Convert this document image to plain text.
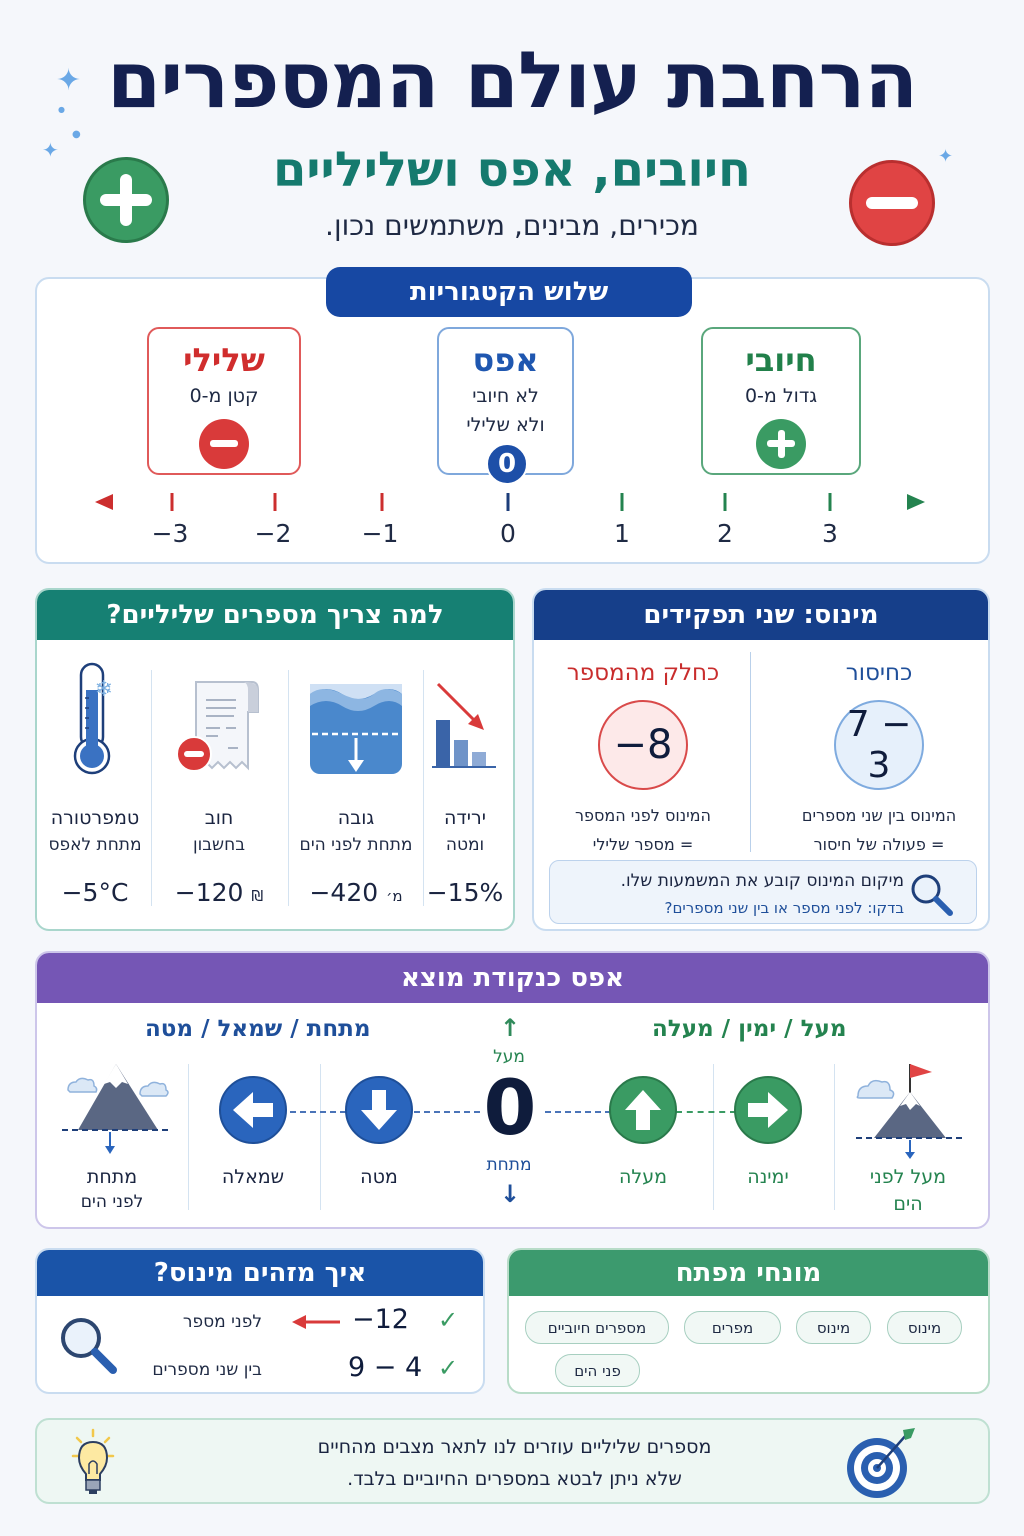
✦
●
●
✦	✦
הרחבת עולם המספרים
חיובים, אפס ושליליים
מכירים, מבינים, משתמשים נכון.
שלוש הקטגוריות
שלילי
קטן מ-0
אפס
לא חיובי
ולא שלילי
0
חיובי
גדול מ-0
−3	−2	−1	0	1	2	3
למה צריך מספרים שליליים?
ירידה
ומטה
−15%
גובה
מתחת לפני הים
−420 מ׳
חוב
בחשבון
−120 ₪
❄
טמפרטורה
מתחת לאפס
−5°C
מינוס: שני תפקידים
כחיסור
7 − 3
המינוס בין שני מספרים
= פעולה של חיסור
כחלק מהמספר
−8
המינוס לפני המספר
= מספר שלילי
מיקום המינוס קובע את המשמעות שלו.
בדקו: לפני מספר או בין שני מספרים?
אפס כנקודת מוצא
מעל / ימין / מעלה
מתחת / שמאל / מטה	↑
מעל
0
מתחת
↓
מעלה	ימינה	מעל לפני
הים
מטה
שמאלה
מתחת
לפני הים
איך מזהים מינוס?
✓
−12
לפני מספר
✓
9 − 4
בין שני מספרים
מונחי מפתח
מינוס
מינוס
מפרים
מספרים חיוביים
פני הים
מספרים שליליים עוזרים לנו לתאר מצבים מהחיים
שלא ניתן לבטא במספרים החיוביים בלבד.
